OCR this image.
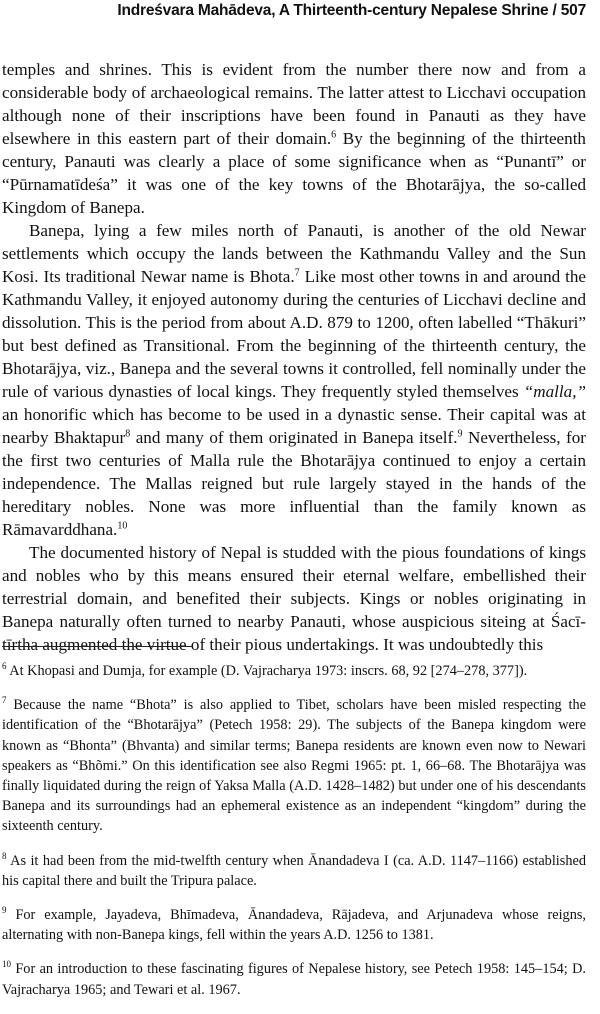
Indreśvara Mahādeva, A Thirteenth-century Nepalese Shrine / 507

temples and shrines. This is evident from the number there now and from a considerable body of archaeological remains. The latter attest to Licchavi occupation although none of their inscriptions have been found in Panauti as they have elsewhere in this eastern part of their domain.$^6$ By the beginning of the thirteenth century, Panauti was clearly a place of some significance when as “Punantī” or “Pūrnamatīdeśa” it was one of the key towns of the Bhotarājya, the so-called Kingdom of Banepa.

Banepa, lying a few miles north of Panauti, is another of the old Newar settlements which occupy the lands between the Kathmandu Valley and the Sun Kosi. Its traditional Newar name is Bhota.$^7$ Like most other towns in and around the Kathmandu Valley, it enjoyed autonomy during the centuries of Licchavi decline and dissolution. This is the period from about A.D. 879 to 1200, often labelled “Thākuri” but best defined as Transitional. From the beginning of the thirteenth century, the Bhotarājya, viz., Banepa and the several towns it controlled, fell nominally under the rule of various dynasties of local kings. They frequently styled themselves “malla,” an honorific which has become to be used in a dynastic sense. Their capital was at nearby Bhaktapur$^8$ and many of them originated in Banepa itself.$^9$ Nevertheless, for the first two centuries of Malla rule the Bhotarājya continued to enjoy a certain independence. The Mallas reigned but rule largely stayed in the hands of the hereditary nobles. None was more influential than the family known as Rāmavarddhana.$^{10}$

The documented history of Nepal is studded with the pious foundations of kings and nobles who by this means ensured their eternal welfare, embellished their terrestrial domain, and benefited their subjects. Kings or nobles originating in Banepa naturally often turned to nearby Panauti, whose auspicious siteing at Śacī-tīrtha augmented the virtue of their pious undertakings. It was undoubtedly this

$^6$ At Khopasi and Dumja, for example (D. Vajracharya 1973: inscrs. 68, 92 [274–278, 377]).

$^7$ Because the name “Bhota” is also applied to Tibet, scholars have been misled respecting the identification of the “Bhotarājya” (Petech 1958: 29). The subjects of the Banepa kingdom were known as “Bhonta” (Bhvanta) and similar terms; Banepa residents are known even now to Newari speakers as “Bhõmi.” On this identification see also Regmi 1965: pt. 1, 66–68. The Bhotarājya was finally liquidated during the reign of Yaksa Malla (A.D. 1428–1482) but under one of his descendants Banepa and its surroundings had an ephemeral existence as an independent “kingdom” during the sixteenth century.

$^8$ As it had been from the mid-twelfth century when Ānandadeva I (ca. A.D. 1147–1166) established his capital there and built the Tripura palace.

$^9$ For example, Jayadeva, Bhīmadeva, Ānandadeva, Rājadeva, and Arjunadeva whose reigns, alternating with non-Banepa kings, fell within the years A.D. 1256 to 1381.

$^{10}$ For an introduction to these fascinating figures of Nepalese history, see Petech 1958: 145–154; D. Vajracharya 1965; and Tewari et al. 1967.
